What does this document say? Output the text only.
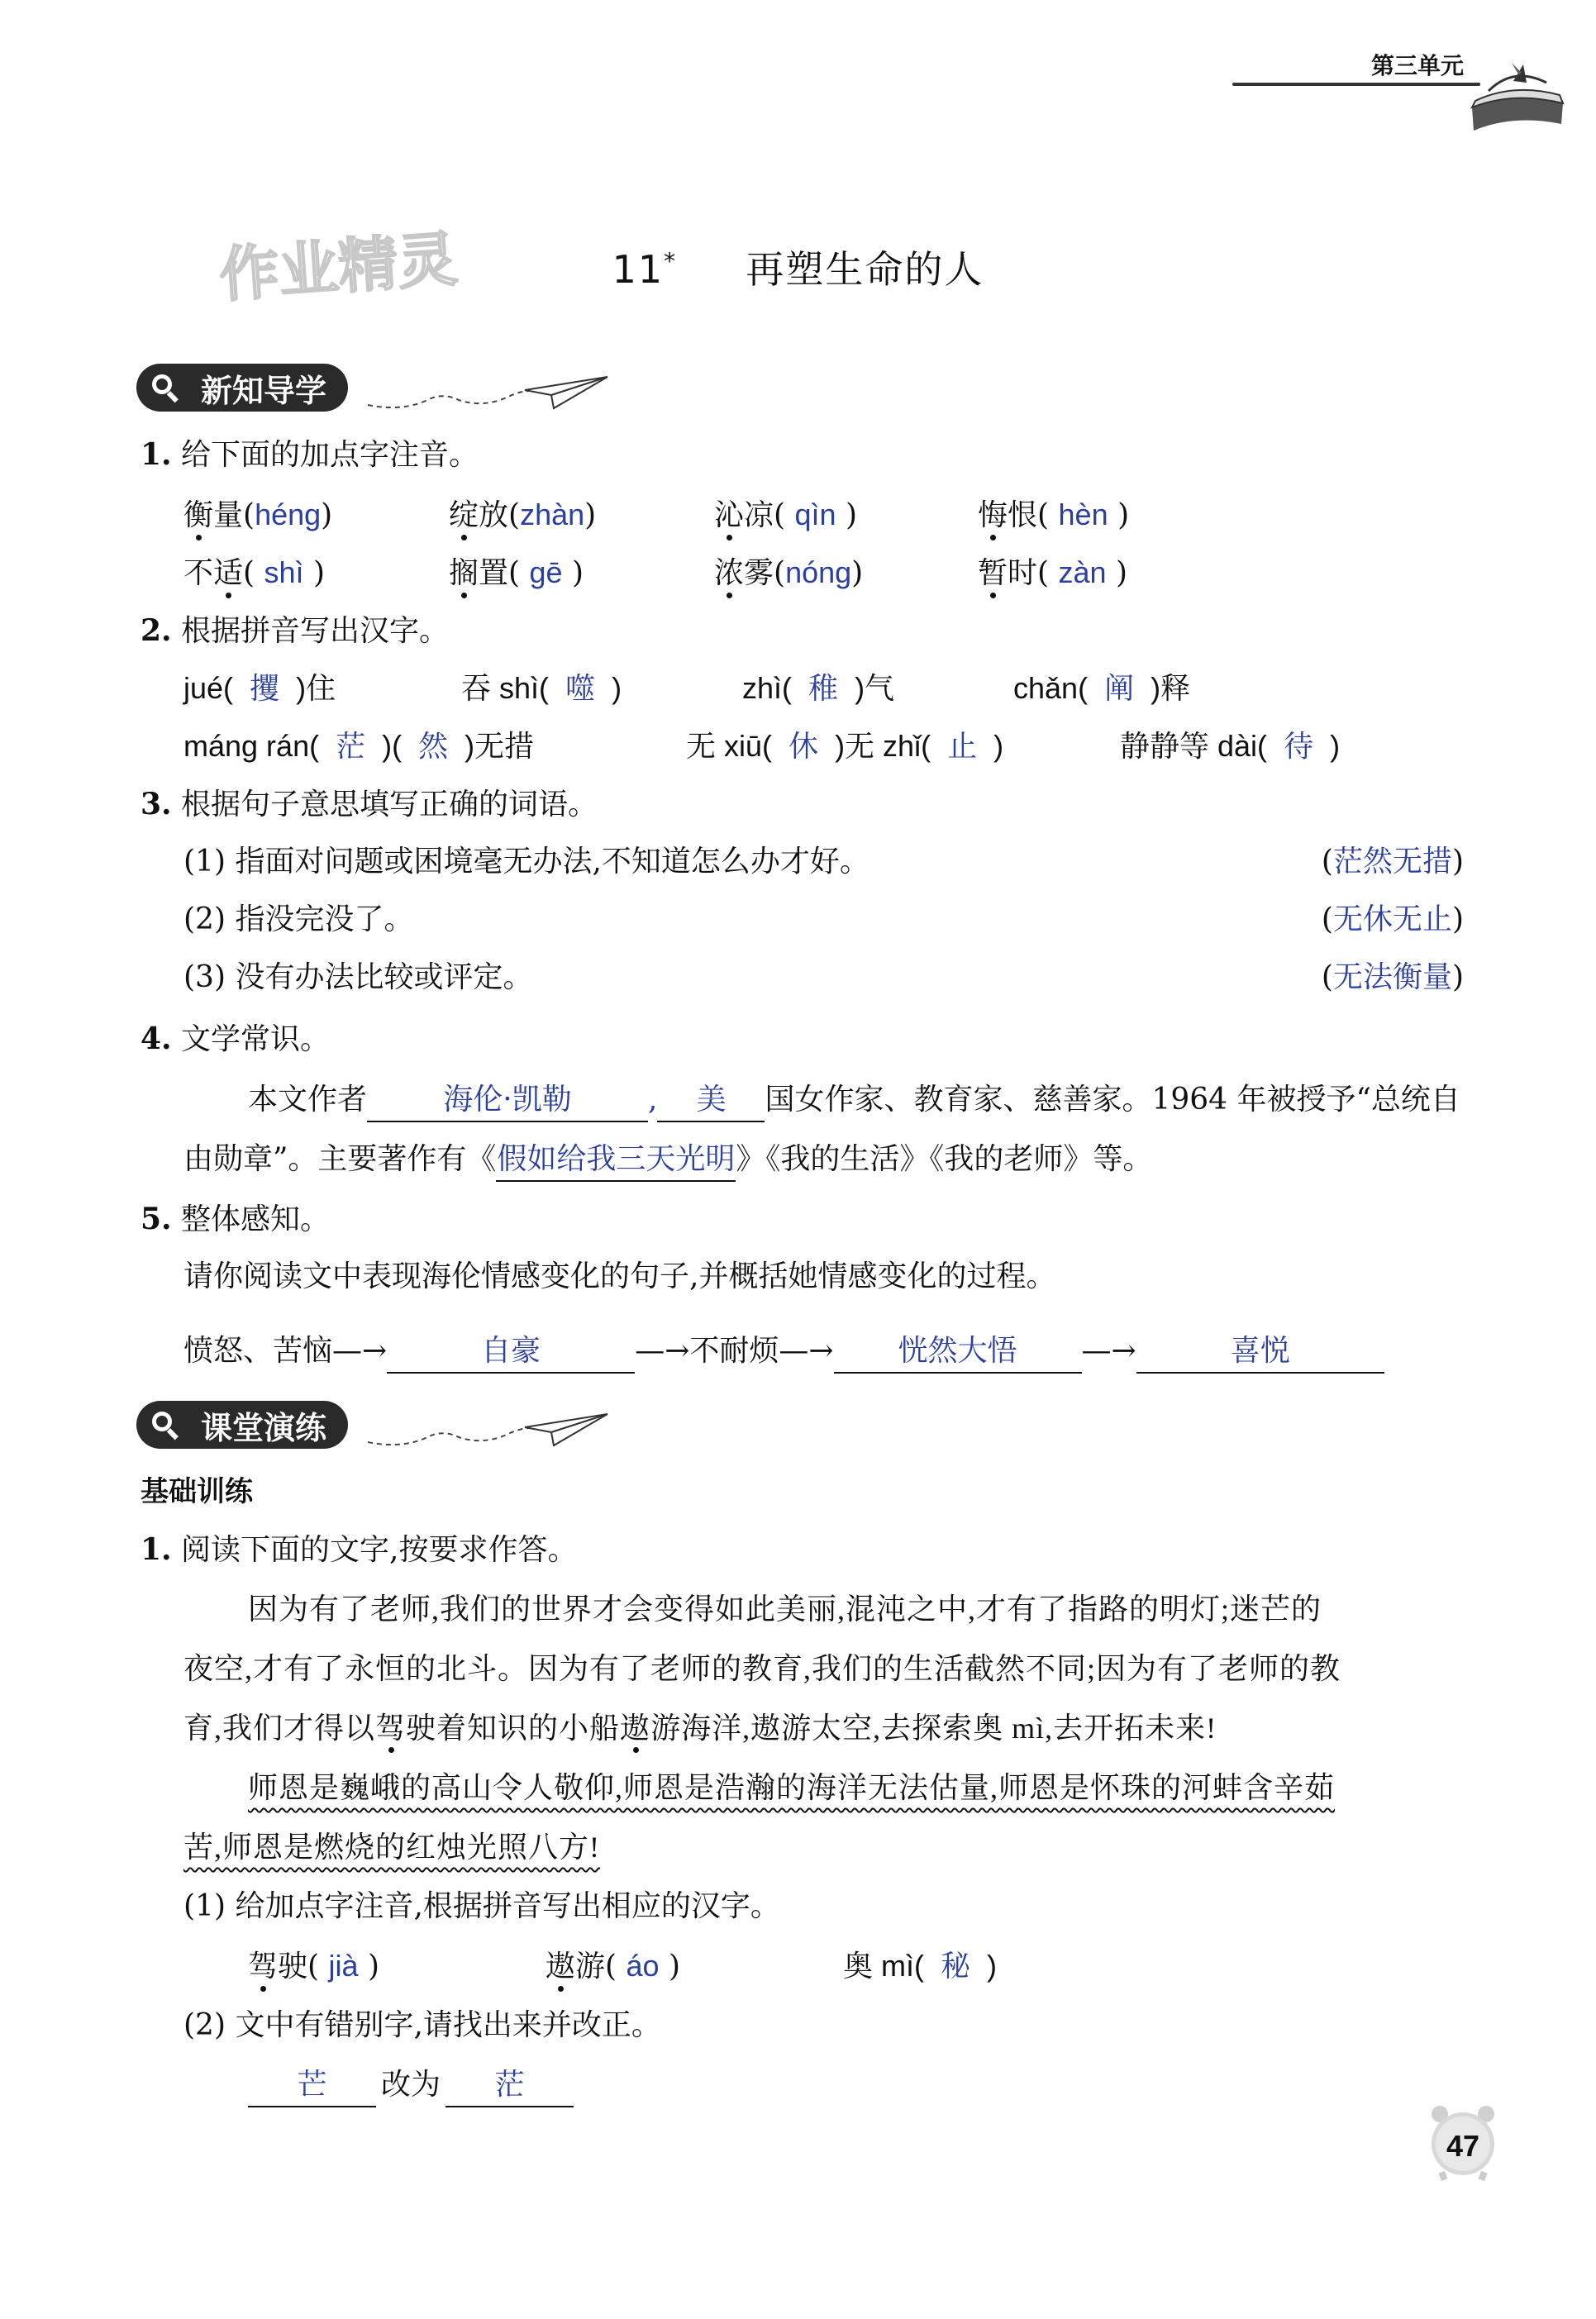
第三单元
作业精灵	11* 再塑生命的人
新知导学
1. 给下面的加点字注音。
衡量(héng)	绽放(zhàn)	沁凉( qìn )	悔恨( hèn )
不适( shì )	搁置( gē )	浓雾(nóng)	暂时( zàn )
2. 根据拼音写出汉字。
jué( 攫 )住	吞 shì( 噬 )	zhì( 稚 )气	chǎn( 阐 )释
máng rán( 茫 )( 然 )无措	无 xiū( 休 )无 zhǐ( 止 )	静静等 dài( 待 )
3. 根据句子意思填写正确的词语。
(1) 指面对问题或困境毫无办法,不知道怎么办才好。	(茫然无措)
(2) 指没完没了。	(无休无止)
(3) 没有办法比较或评定。	(无法衡量)
4. 文学常识。
本文作者	海伦·凯勒	, 美 国女作家、教育家、慈善家。1964 年被授予“总统自
由勋章”。主要著作有《假如给我三天光明》《我的生活》《我的老师》等。
5. 整体感知。
请你阅读文中表现海伦情感变化的句子,并概括她情感变化的过程。
愤怒、苦恼—→	自豪	—→不耐烦—→ 恍然大悟 —→	喜悦
课堂演练
基础训练
1. 阅读下面的文字,按要求作答。
因为有了老师,我们的世界才会变得如此美丽,混沌之中,才有了指路的明灯;迷芒的
夜空,才有了永恒的北斗。因为有了老师的教育,我们的生活截然不同;因为有了老师的教
育,我们才得以驾驶着知识的小船遨游海洋,遨游太空,去探索奥 mì,去开拓未来!
师恩是巍峨的高山令人敬仰,师恩是浩瀚的海洋无法估量,师恩是怀珠的河蚌含辛茹
苦,师恩是燃烧的红烛光照八方!
(1) 给加点字注音,根据拼音写出相应的汉字。
驾驶( jià )	遨游( áo )	奥 mì( 秘 )
(2) 文中有错别字,请找出来并改正。
芒 改为 茫
47
